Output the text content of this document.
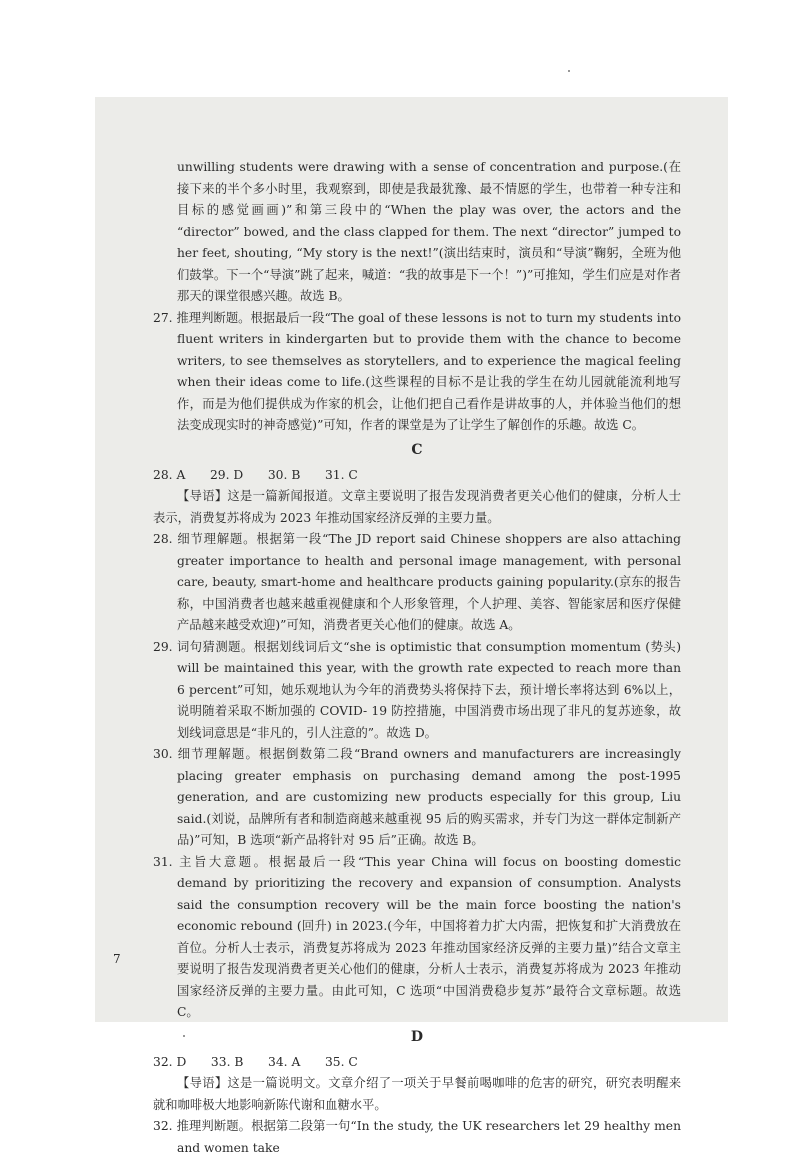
unwilling students were drawing with a sense of concentration and purpose.(在接下来的半个多小时里，我观察到，即使是我最犹豫、最不情愿的学生，也带着一种专注和目标的感觉画画)”和第三段中的“When the play was over, the actors and the “director” bowed, and the class clapped for them. The next “director” jumped to her feet, shouting, “My story is the next!”(演出结束时，演员和“导演”鞠躬，全班为他们鼓掌。下一个“导演”跳了起来，喊道：“我的故事是下一个！”)”可推知，学生们应是对作者那天的课堂很感兴趣。故选 B。

27. 推理判断题。根据最后一段“The goal of these lessons is not to turn my students into fluent writers in kindergarten but to provide them with the chance to become writers, to see themselves as storytellers, and to experience the magical feeling when their ideas come to life.(这些课程的目标不是让我的学生在幼儿园就能流利地写作，而是为他们提供成为作家的机会，让他们把自己看作是讲故事的人，并体验当他们的想法变成现实时的神奇感觉)”可知，作者的课堂是为了让学生了解创作的乐趣。故选 C。

C

28. A　　29. D　　30. B　　31. C

【导语】这是一篇新闻报道。文章主要说明了报告发现消费者更关心他们的健康，分析人士表示，消费复苏将成为 2023 年推动国家经济反弹的主要力量。

28. 细节理解题。根据第一段“The JD report said Chinese shoppers are also attaching greater importance to health and personal image management, with personal care, beauty, smart-home and healthcare products gaining popularity.(京东的报告称，中国消费者也越来越重视健康和个人形象管理，个人护理、美容、智能家居和医疗保健产品越来越受欢迎)”可知，消费者更关心他们的健康。故选 A。

29. 词句猜测题。根据划线词后文“she is optimistic that consumption momentum (势头) will be maintained this year, with the growth rate expected to reach more than 6 percent”可知，她乐观地认为今年的消费势头将保持下去，预计增长率将达到 6%以上，说明随着采取不断加强的 COVID- 19 防控措施，中国消费市场出现了非凡的复苏迹象，故划线词意思是“非凡的，引人注意的”。故选 D。

30. 细节理解题。根据倒数第二段“Brand owners and manufacturers are increasingly placing greater emphasis on purchasing demand among the post-1995 generation, and are customizing new products especially for this group, Liu said.(刘说，品牌所有者和制造商越来越重视 95 后的购买需求，并专门为这一群体定制新产品)”可知，B 选项“新产品将针对 95 后”正确。故选 B。

31. 主旨大意题。根据最后一段“This year China will focus on boosting domestic demand by prioritizing the recovery and expansion of consumption. Analysts said the consumption recovery will be the main force boosting the nation's economic rebound (回升) in 2023.(今年，中国将着力扩大内需，把恢复和扩大消费放在首位。分析人士表示，消费复苏将成为 2023 年推动国家经济反弹的主要力量)”结合文章主要说明了报告发现消费者更关心他们的健康，分析人士表示，消费复苏将成为 2023 年推动国家经济反弹的主要力量。由此可知，C 选项“中国消费稳步复苏”最符合文章标题。故选 C。

D

32. D　　33. B　　34. A　　35. C

【导语】这是一篇说明文。文章介绍了一项关于早餐前喝咖啡的危害的研究，研究表明醒来就和咖啡极大地影响新陈代谢和血糖水平。

32. 推理判断题。根据第二段第一句“In the study, the UK researchers let 29 healthy men and women take

7
